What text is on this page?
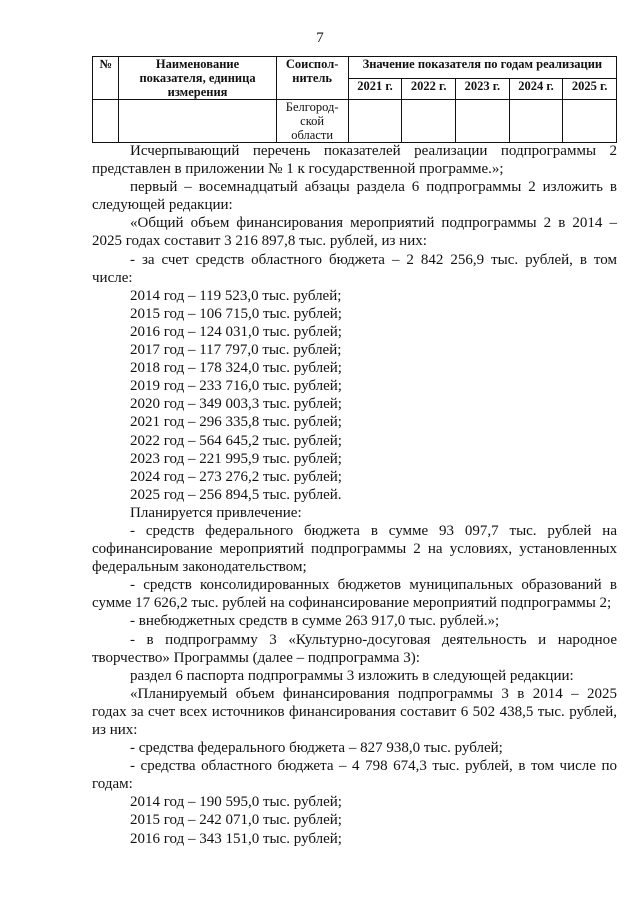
7
№	Наименование показателя, единица измерения	Соиспол-нитель	Значение показателя по годам реализации				
			2021 г.	2022 г.	2023 г.	2024 г.	2025 г.
		Белгород-ской области					

Исчерпывающий перечень показателей реализации подпрограммы 2 представлен в приложении № 1 к государственной программе.»;

первый – восемнадцатый абзацы раздела 6 подпрограммы 2 изложить в следующей редакции:

«Общий объем финансирования мероприятий подпрограммы 2 в 2014 – 2025 годах составит 3 216 897,8 тыс. рублей, из них:

- за счет средств областного бюджета – 2 842 256,9 тыс. рублей, в том числе:

2014 год – 119 523,0 тыс. рублей;

2015 год – 106 715,0 тыс. рублей;

2016 год – 124 031,0 тыс. рублей;

2017 год – 117 797,0 тыс. рублей;

2018 год – 178 324,0 тыс. рублей;

2019 год – 233 716,0 тыс. рублей;

2020 год – 349 003,3 тыс. рублей;

2021 год – 296 335,8 тыс. рублей;

2022 год – 564 645,2 тыс. рублей;

2023 год – 221 995,9 тыс. рублей;

2024 год – 273 276,2 тыс. рублей;

2025 год – 256 894,5 тыс. рублей.

Планируется привлечение:

- средств федерального бюджета в сумме 93 097,7 тыс. рублей на софинансирование мероприятий подпрограммы 2 на условиях, установленных федеральным законодательством;

- средств консолидированных бюджетов муниципальных образований в сумме 17 626,2 тыс. рублей на софинансирование мероприятий подпрограммы 2;

- внебюджетных средств в сумме 263 917,0 тыс. рублей.»;

- в подпрограмму 3 «Культурно-досуговая деятельность и народное творчество» Программы (далее – подпрограмма 3):

раздел 6 паспорта подпрограммы 3 изложить в следующей редакции:

«Планируемый объем финансирования подпрограммы 3 в 2014 – 2025 годах за счет всех источников финансирования составит 6 502 438,5 тыс. рублей, из них:

- средства федерального бюджета – 827 938,0 тыс. рублей;

- средства областного бюджета – 4 798 674,3 тыс. рублей, в том числе по годам:

2014 год – 190 595,0 тыс. рублей;

2015 год – 242 071,0 тыс. рублей;

2016 год – 343 151,0 тыс. рублей;
